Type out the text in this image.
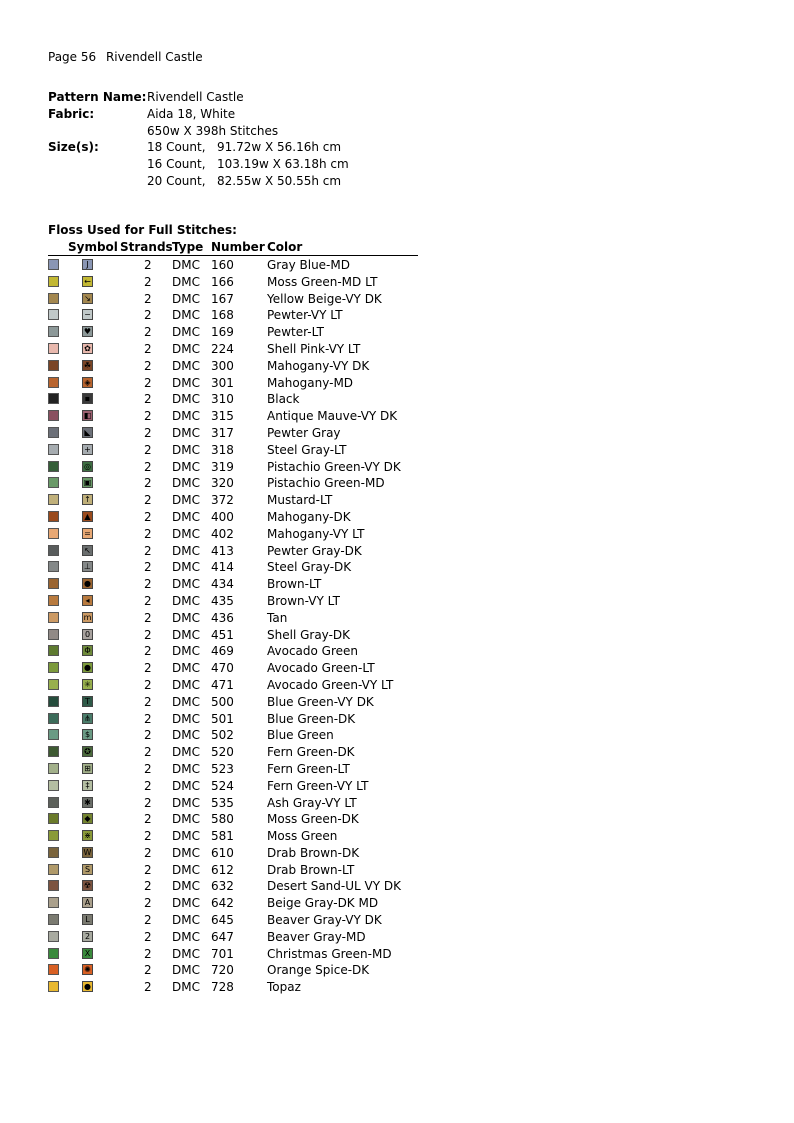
Page 56 Rivendell Castle
Pattern Name: Rivendell Castle
Fabric:	Aida 18, White
650w X 398h Stitches
Size(s):	18 Count,   91.72w X 56.16h cm
16 Count,   103.19w X 63.18h cm
20 Count,   82.55w X 50.55h cm
Floss Used for Full Stitches:
Symbol Strands Type Number Color
J	2 DMC 160	Gray Blue-MD
←	2 DMC 166	Moss Green-MD LT
↘	2 DMC 167	Yellow Beige-VY DK
−	2 DMC 168	Pewter-VY LT
♥	2 DMC 169	Pewter-LT
✿	2 DMC 224	Shell Pink-VY LT
☘	2 DMC 300	Mahogany-VY DK
◈	2 DMC 301	Mahogany-MD
▪	2 DMC 310	Black
◧	2 DMC 315	Antique Mauve-VY DK
◣	2 DMC 317	Pewter Gray
+	2 DMC 318	Steel Gray-LT
◎	2 DMC 319	Pistachio Green-VY DK
▣	2 DMC 320	Pistachio Green-MD
↑	2 DMC 372	Mustard-LT
▲	2 DMC 400	Mahogany-DK
=	2 DMC 402	Mahogany-VY LT
↖	2 DMC 413	Pewter Gray-DK
⊥	2 DMC 414	Steel Gray-DK
●	2 DMC 434	Brown-LT
◂	2 DMC 435	Brown-VY LT
m	2 DMC 436	Tan
0	2 DMC 451	Shell Gray-DK
Φ	2 DMC 469	Avocado Green
●	2 DMC 470	Avocado Green-LT
✳	2 DMC 471	Avocado Green-VY LT
T	2 DMC 500	Blue Green-VY DK
⋔	2 DMC 501	Blue Green-DK
$	2 DMC 502	Blue Green
✪	2 DMC 520	Fern Green-DK
⊞	2 DMC 523	Fern Green-LT
‡	2 DMC 524	Fern Green-VY LT
✱	2 DMC 535	Ash Gray-VY LT
◆	2 DMC 580	Moss Green-DK
⋇	2 DMC 581	Moss Green
W	2 DMC 610	Drab Brown-DK
S	2 DMC 612	Drab Brown-LT
☢	2 DMC 632	Desert Sand-UL VY DK
A	2 DMC 642	Beige Gray-DK MD
L	2 DMC 645	Beaver Gray-VY DK
2	2 DMC 647	Beaver Gray-MD
X	2 DMC 701	Christmas Green-MD
✺	2 DMC 720	Orange Spice-DK
●	2 DMC 728	Topaz
